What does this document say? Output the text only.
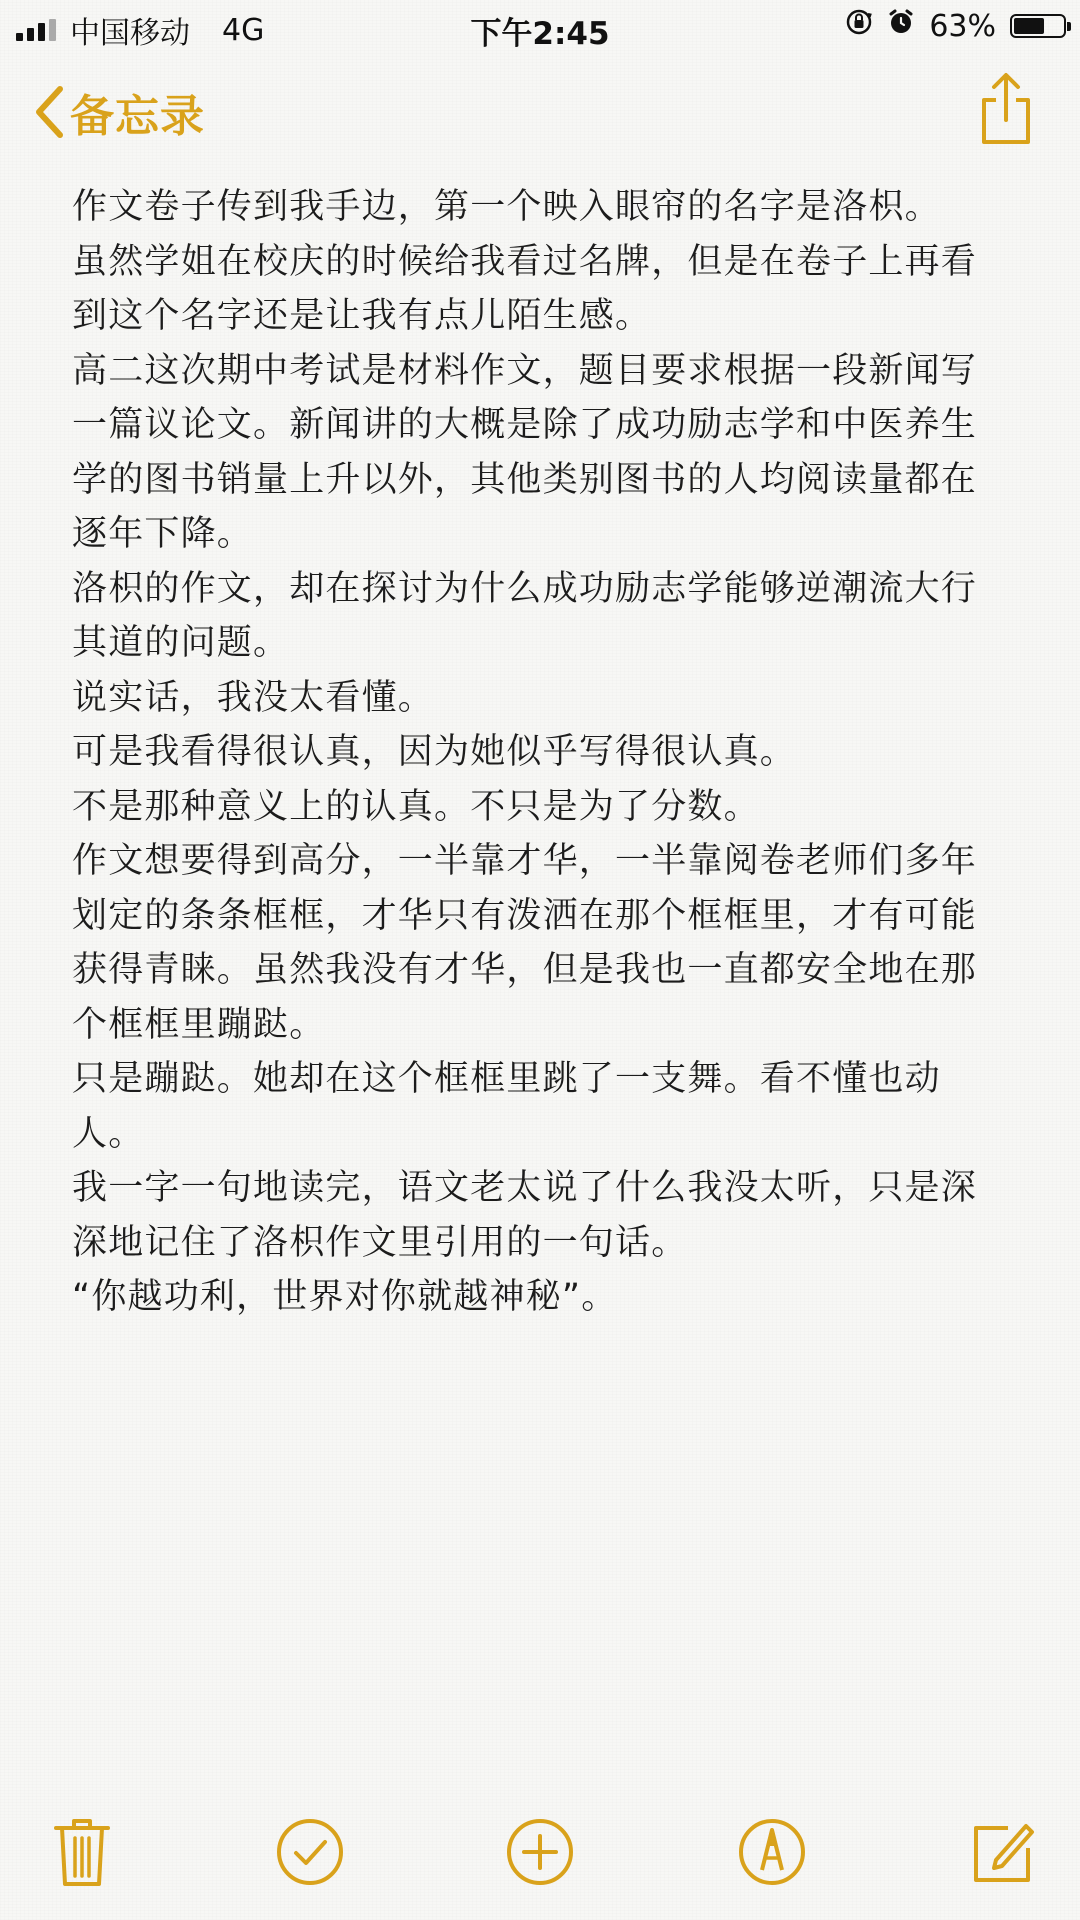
中国移动 4G	下午2:45	63%
备忘录
作文卷子传到我手边，第一个映入眼帘的名字是洛枳。
虽然学姐在校庆的时候给我看过名牌，但是在卷子上再看
到这个名字还是让我有点儿陌生感。
高二这次期中考试是材料作文，题目要求根据一段新闻写
一篇议论文。新闻讲的大概是除了成功励志学和中医养生
学的图书销量上升以外，其他类别图书的人均阅读量都在
逐年下降。
洛枳的作文，却在探讨为什么成功励志学能够逆潮流大行
其道的问题。
说实话，我没太看懂。
可是我看得很认真，因为她似乎写得很认真。
不是那种意义上的认真。不只是为了分数。
作文想要得到高分，一半靠才华，一半靠阅卷老师们多年
划定的条条框框，才华只有泼洒在那个框框里，才有可能
获得青睐。虽然我没有才华，但是我也一直都安全地在那
个框框里蹦跶。
只是蹦跶。她却在这个框框里跳了一支舞。看不懂也动
人。
我一字一句地读完，语文老太说了什么我没太听，只是深
深地记住了洛枳作文里引用的一句话。
“你越功利，世界对你就越神秘”。
